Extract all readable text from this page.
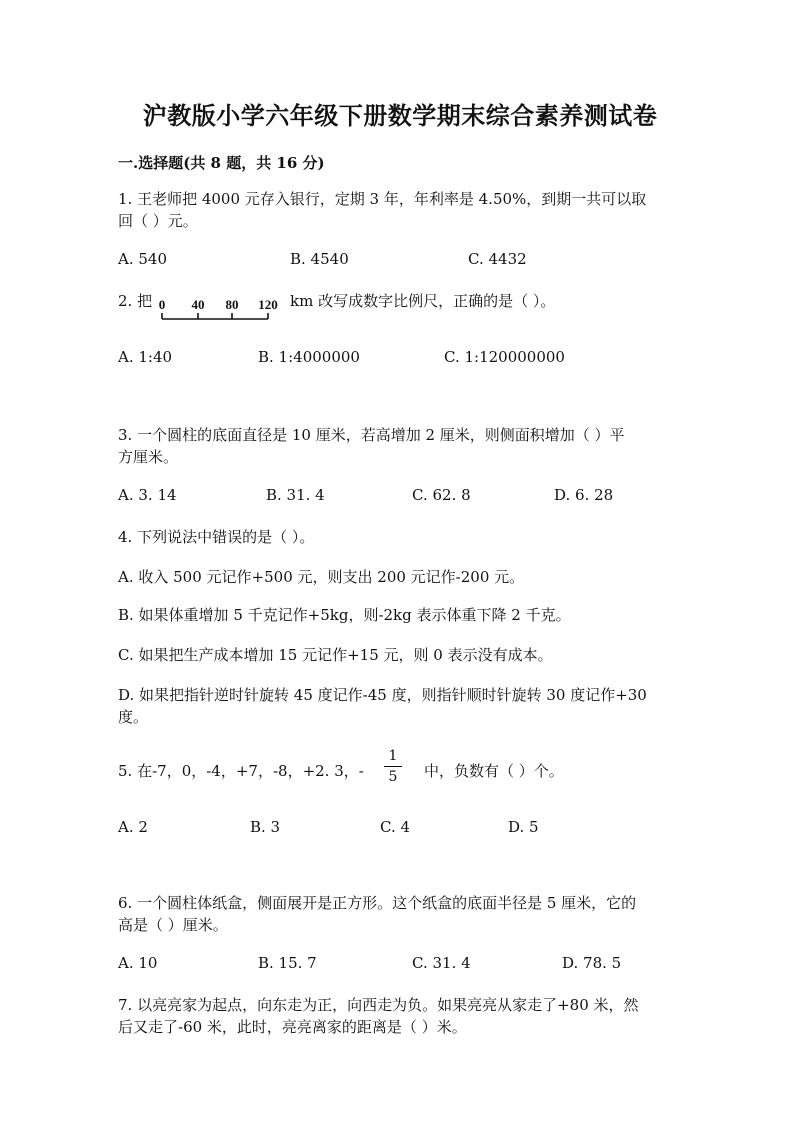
沪教版小学六年级下册数学期末综合素养测试卷
一.选择题(共 8 题，共 16 分)
1. 王老师把 4000 元存入银行，定期 3 年，年利率是 4.50%，到期一共可以取
回（ ）元。
A. 540	B. 4540	C. 4432
2. 把 0 40 80 120 km 改写成数字比例尺，正确的是（ ）。
A. 1:40	B. 1:4000000	C. 1:120000000
3. 一个圆柱的底面直径是 10 厘米，若高增加 2 厘米，则侧面积增加（ ）平
方厘米。
A. 3. 14	B. 31. 4	C. 62. 8	D. 6. 28
4. 下列说法中错误的是（ ）。
A. 收入 500 元记作+500 元，则支出 200 元记作-200 元。
B. 如果体重增加 5 千克记作+5kg，则-2kg 表示体重下降 2 千克。
C. 如果把生产成本增加 15 元记作+15 元，则 0 表示没有成本。
D. 如果把指针逆时针旋转 45 度记作-45 度，则指针顺时针旋转 30 度记作+30
度。
5. 在-7，0，-4，+7，-8，+2. 3，-
1
5	中，负数有（ ）个。
A. 2	B. 3	C. 4	D. 5
6. 一个圆柱体纸盒，侧面展开是正方形。这个纸盒的底面半径是 5 厘米，它的
高是（ ）厘米。
A. 10	B. 15. 7	C. 31. 4	D. 78. 5
7. 以亮亮家为起点，向东走为正，向西走为负。如果亮亮从家走了+80 米，然
后又走了-60 米，此时，亮亮离家的距离是（ ）米。
